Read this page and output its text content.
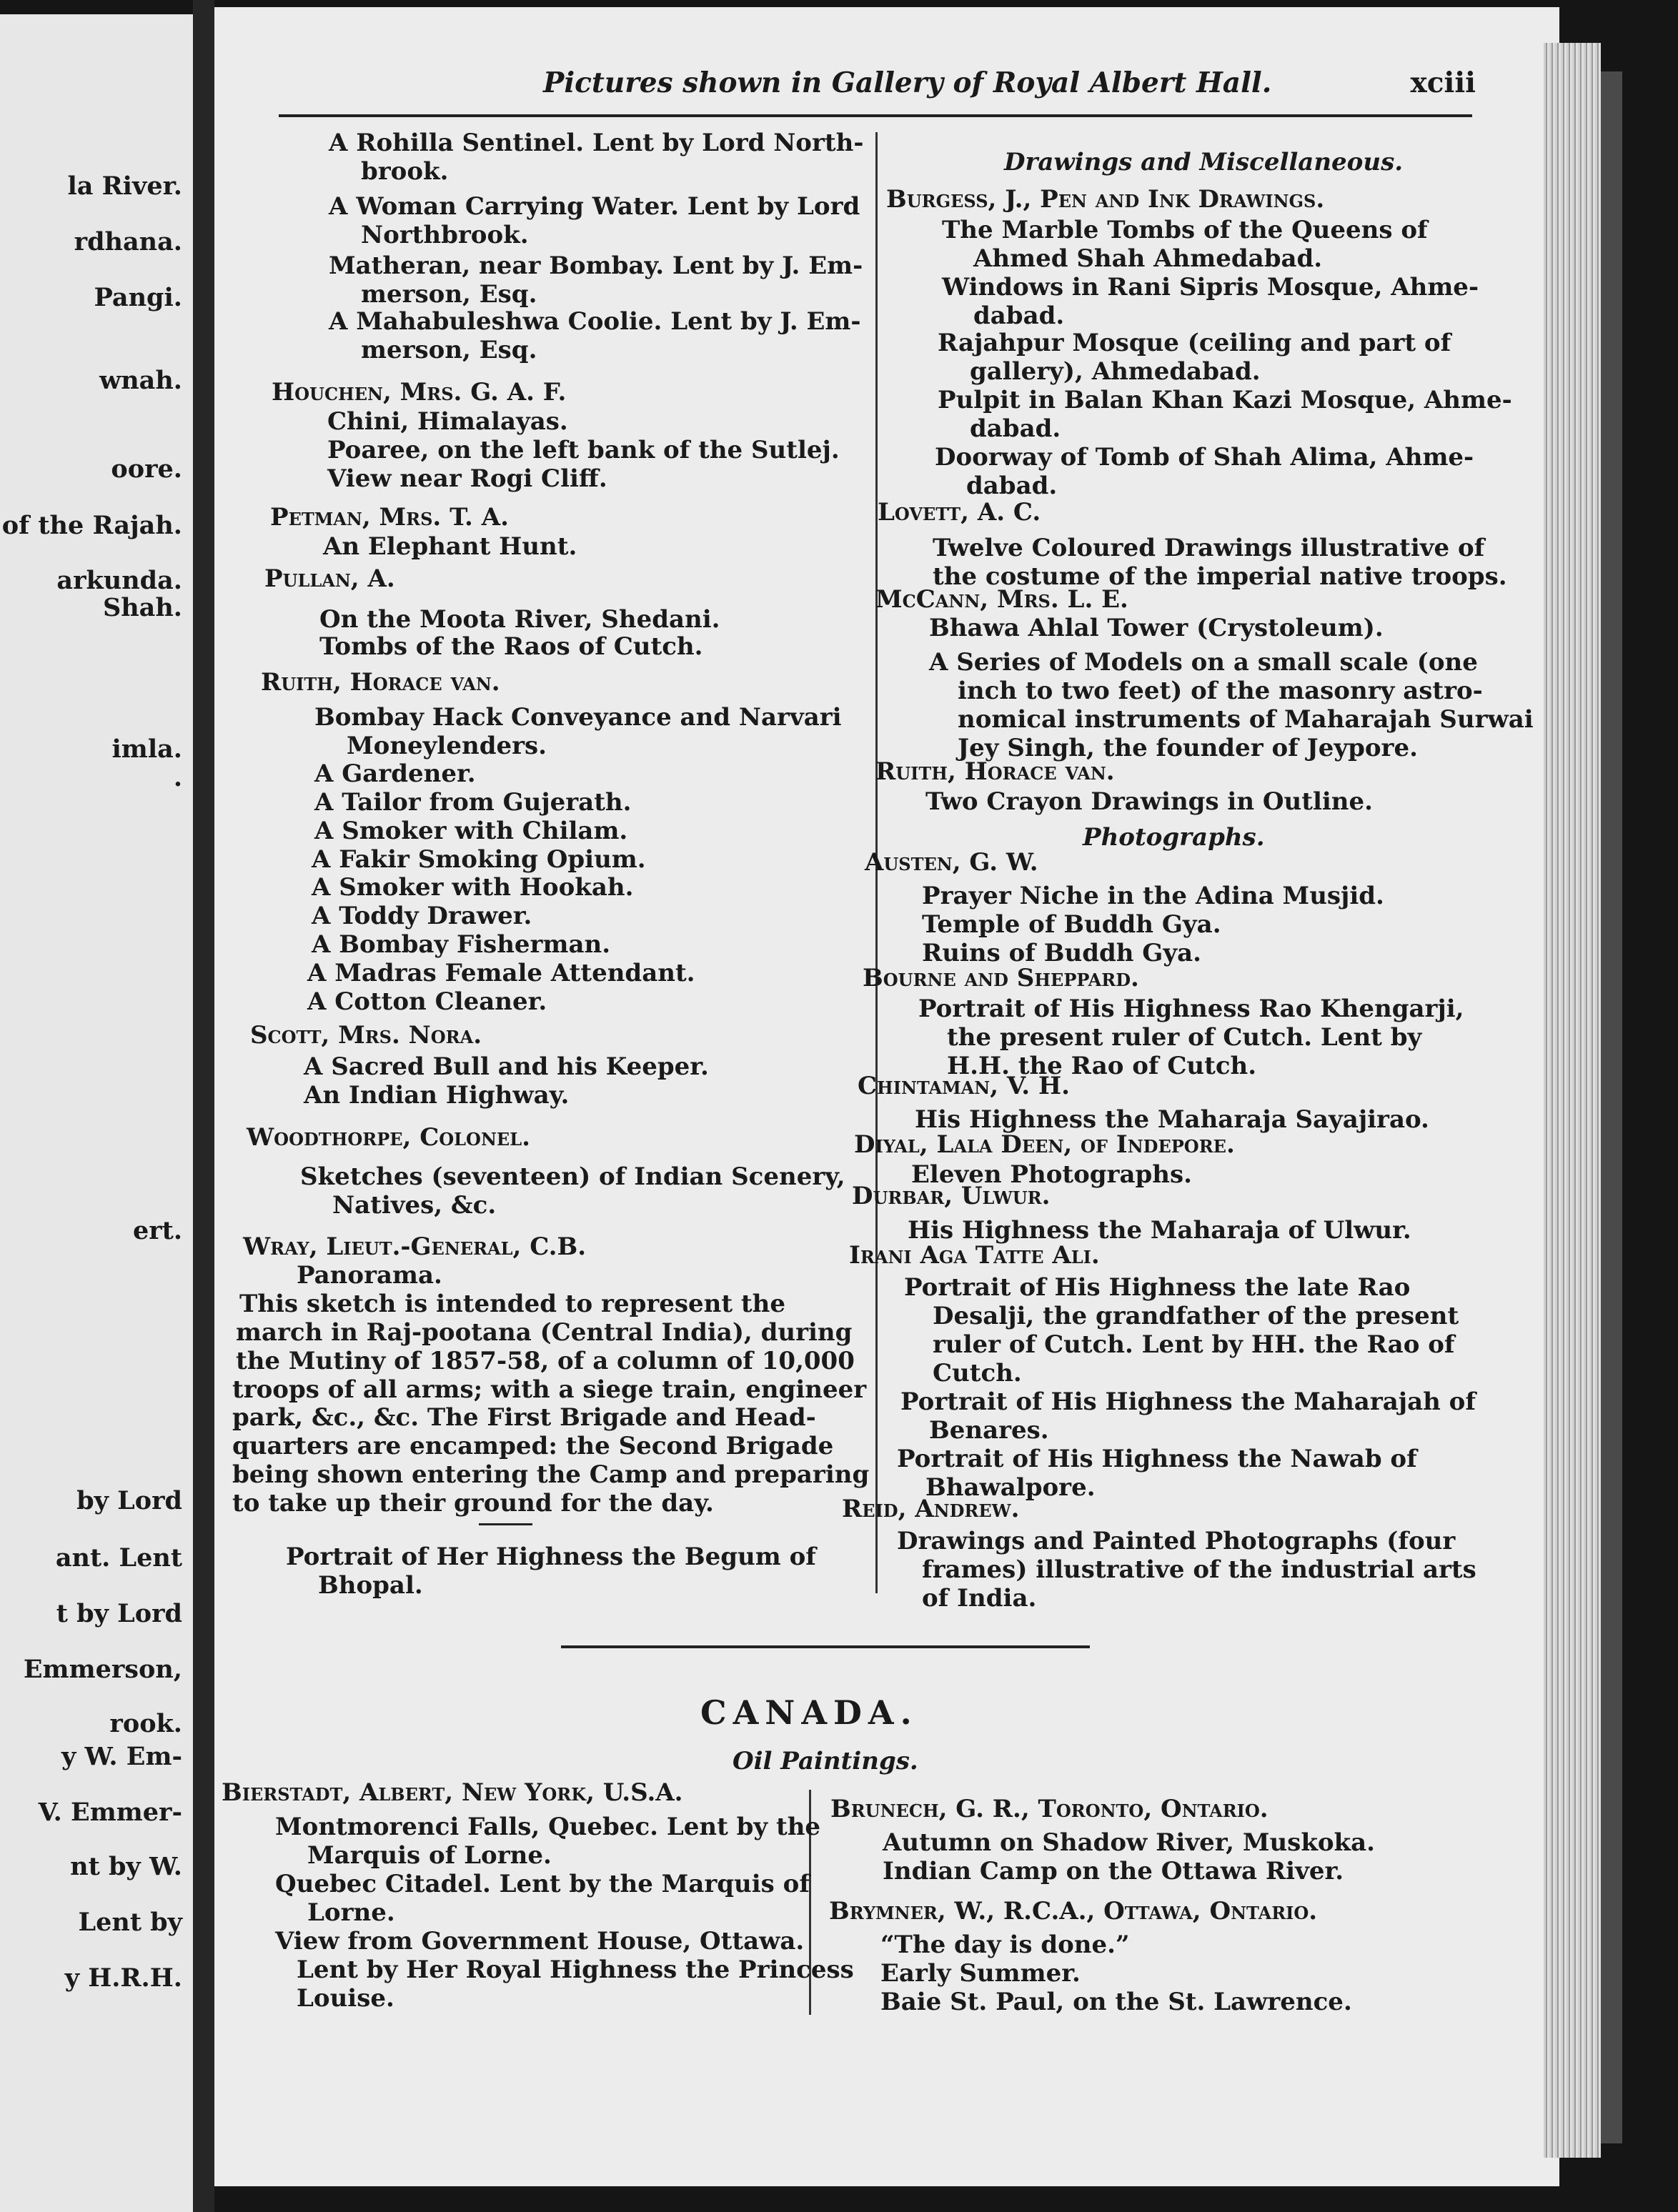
la River.
rdhana.
Pangi.
wnah.
oore.
of the Rajah.
arkunda.
Shah.
imla.
.
ert.
by Lord
ant. Lent
t by Lord
Emmerson,
rook.
y W. Em-
V. Emmer-
nt by W.
Lent by
y H.R.H.
Pictures shown in Gallery of Royal Albert Hall.	xciii
A Rohilla Sentinel. Lent by Lord North-
brook.
A Woman Carrying Water. Lent by Lord
Northbrook.
Matheran, near Bombay. Lent by J. Em-
merson, Esq.
A Mahabuleshwa Coolie. Lent by J. Em-
merson, Esq.
Houchen, Mrs. G. A. F.
Chini, Himalayas.
Poaree, on the left bank of the Sutlej.
View near Rogi Cliff.
Petman, Mrs. T. A.
An Elephant Hunt.
Pullan, A.
On the Moota River, Shedani.
Tombs of the Raos of Cutch.
Ruith, Horace van.
Bombay Hack Conveyance and Narvari
Moneylenders.
A Gardener.
A Tailor from Gujerath.
A Smoker with Chilam.
A Fakir Smoking Opium.
A Smoker with Hookah.
A Toddy Drawer.
A Bombay Fisherman.
A Madras Female Attendant.
A Cotton Cleaner.
Scott, Mrs. Nora.
A Sacred Bull and his Keeper.
An Indian Highway.
Woodthorpe, Colonel.
Sketches (seventeen) of Indian Scenery,
Natives, &c.
Wray, Lieut.-General, C.B.
Panorama.
This sketch is intended to represent the
march in Raj-pootana (Central India), during
the Mutiny of 1857-58, of a column of 10,000
troops of all arms; with a siege train, engineer
park, &c., &c. The First Brigade and Head-
quarters are encamped: the Second Brigade
being shown entering the Camp and preparing
to take up their ground for the day.
Portrait of Her Highness the Begum of
Bhopal.
Drawings and Miscellaneous.
Burgess, J., Pen and Ink Drawings.
The Marble Tombs of the Queens of
Ahmed Shah Ahmedabad.
Windows in Rani Sipris Mosque, Ahme-
dabad.
Rajahpur Mosque (ceiling and part of
gallery), Ahmedabad.
Pulpit in Balan Khan Kazi Mosque, Ahme-
dabad.
Doorway of Tomb of Shah Alima, Ahme-
dabad.
Lovett, A. C.
Twelve Coloured Drawings illustrative of
the costume of the imperial native troops.
McCann, Mrs. L. E.
Bhawa Ahlal Tower (Crystoleum).
A Series of Models on a small scale (one
inch to two feet) of the masonry astro-
nomical instruments of Maharajah Surwai
Jey Singh, the founder of Jeypore.
Ruith, Horace van.
Two Crayon Drawings in Outline.
Photographs.
Austen, G. W.
Prayer Niche in the Adina Musjid.
Temple of Buddh Gya.
Ruins of Buddh Gya.
Bourne and Sheppard.
Portrait of His Highness Rao Khengarji,
the present ruler of Cutch. Lent by
H.H. the Rao of Cutch.
Chintaman, V. H.
His Highness the Maharaja Sayajirao.
Diyal, Lala Deen, of Indepore.
Eleven Photographs.
Durbar, Ulwur.
His Highness the Maharaja of Ulwur.
Irani Aga Tatte Ali.
Portrait of His Highness the late Rao
Desalji, the grandfather of the present
ruler of Cutch. Lent by HH. the Rao of
Cutch.
Portrait of His Highness the Maharajah of
Benares.
Portrait of His Highness the Nawab of
Bhawalpore.
Reid, Andrew.
Drawings and Painted Photographs (four
frames) illustrative of the industrial arts
of India.
CANADA.
Oil Paintings.
Bierstadt, Albert, New York, U.S.A.
Montmorenci Falls, Quebec. Lent by the
Marquis of Lorne.
Quebec Citadel. Lent by the Marquis of
Lorne.
View from Government House, Ottawa.
Lent by Her Royal Highness the Princess
Louise.
Brunech, G. R., Toronto, Ontario.
Autumn on Shadow River, Muskoka.
Indian Camp on the Ottawa River.
Brymner, W., R.C.A., Ottawa, Ontario.
“The day is done.”
Early Summer.
Baie St. Paul, on the St. Lawrence.
